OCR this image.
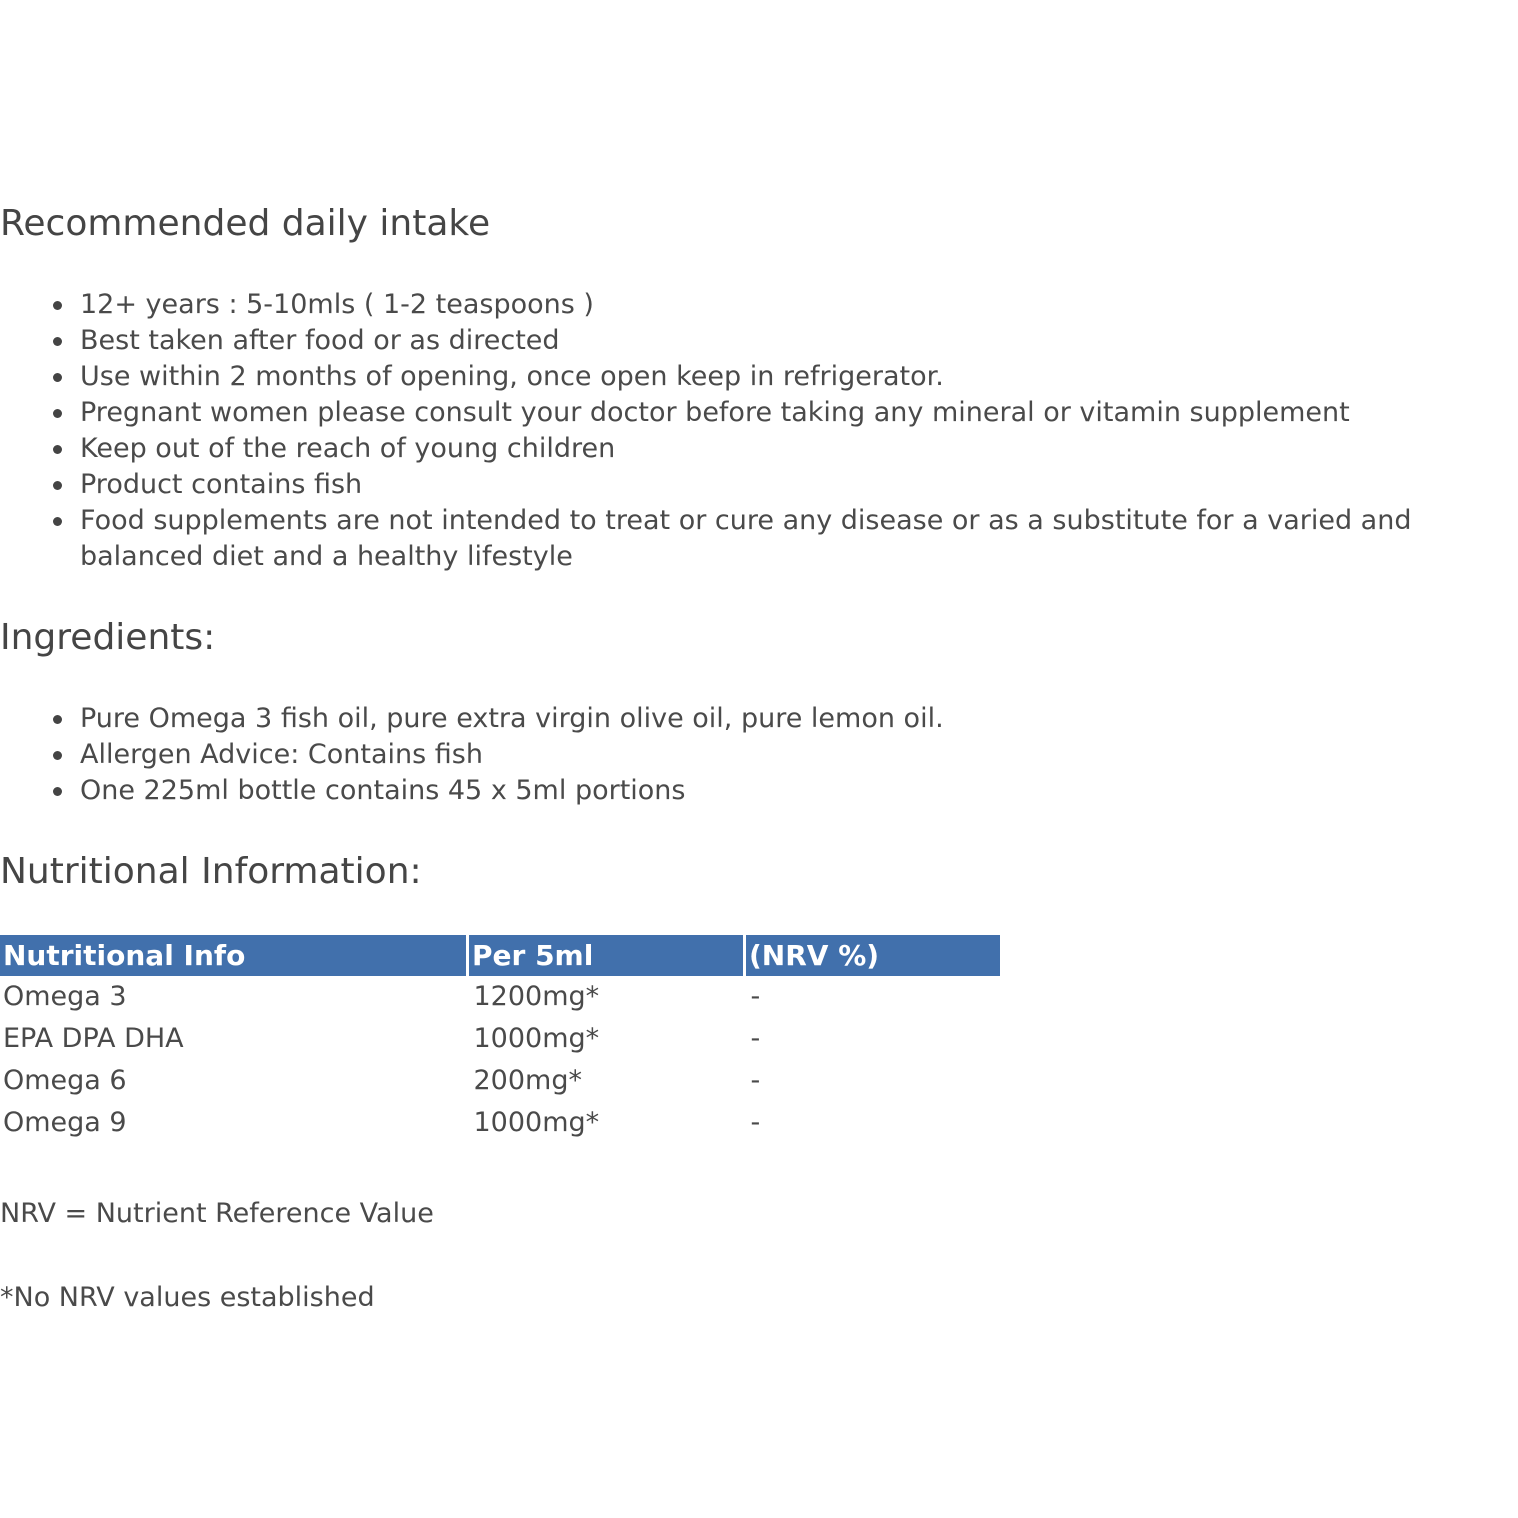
Recommended daily intake
12+ years : 5-10mls ( 1-2 teaspoons )
Best taken after food or as directed
Use within 2 months of opening, once open keep in refrigerator.
Pregnant women please consult your doctor before taking any mineral or vitamin supplement
Keep out of the reach of young children
Product contains fish
Food supplements are not intended to treat or cure any disease or as a substitute for a varied and balanced diet and a healthy lifestyle
Ingredients:
Pure Omega 3 fish oil, pure extra virgin olive oil, pure lemon oil.
Allergen Advice: Contains fish
One 225ml bottle contains 45 x 5ml portions
Nutritional Information:
Nutritional Info	Per 5ml	(NRV %)
Omega 3	1200mg*	-
EPA DPA DHA	1000mg*	-
Omega 6	200mg*	-
Omega 9	1000mg*	-

NRV = Nutrient Reference Value

*No NRV values established
